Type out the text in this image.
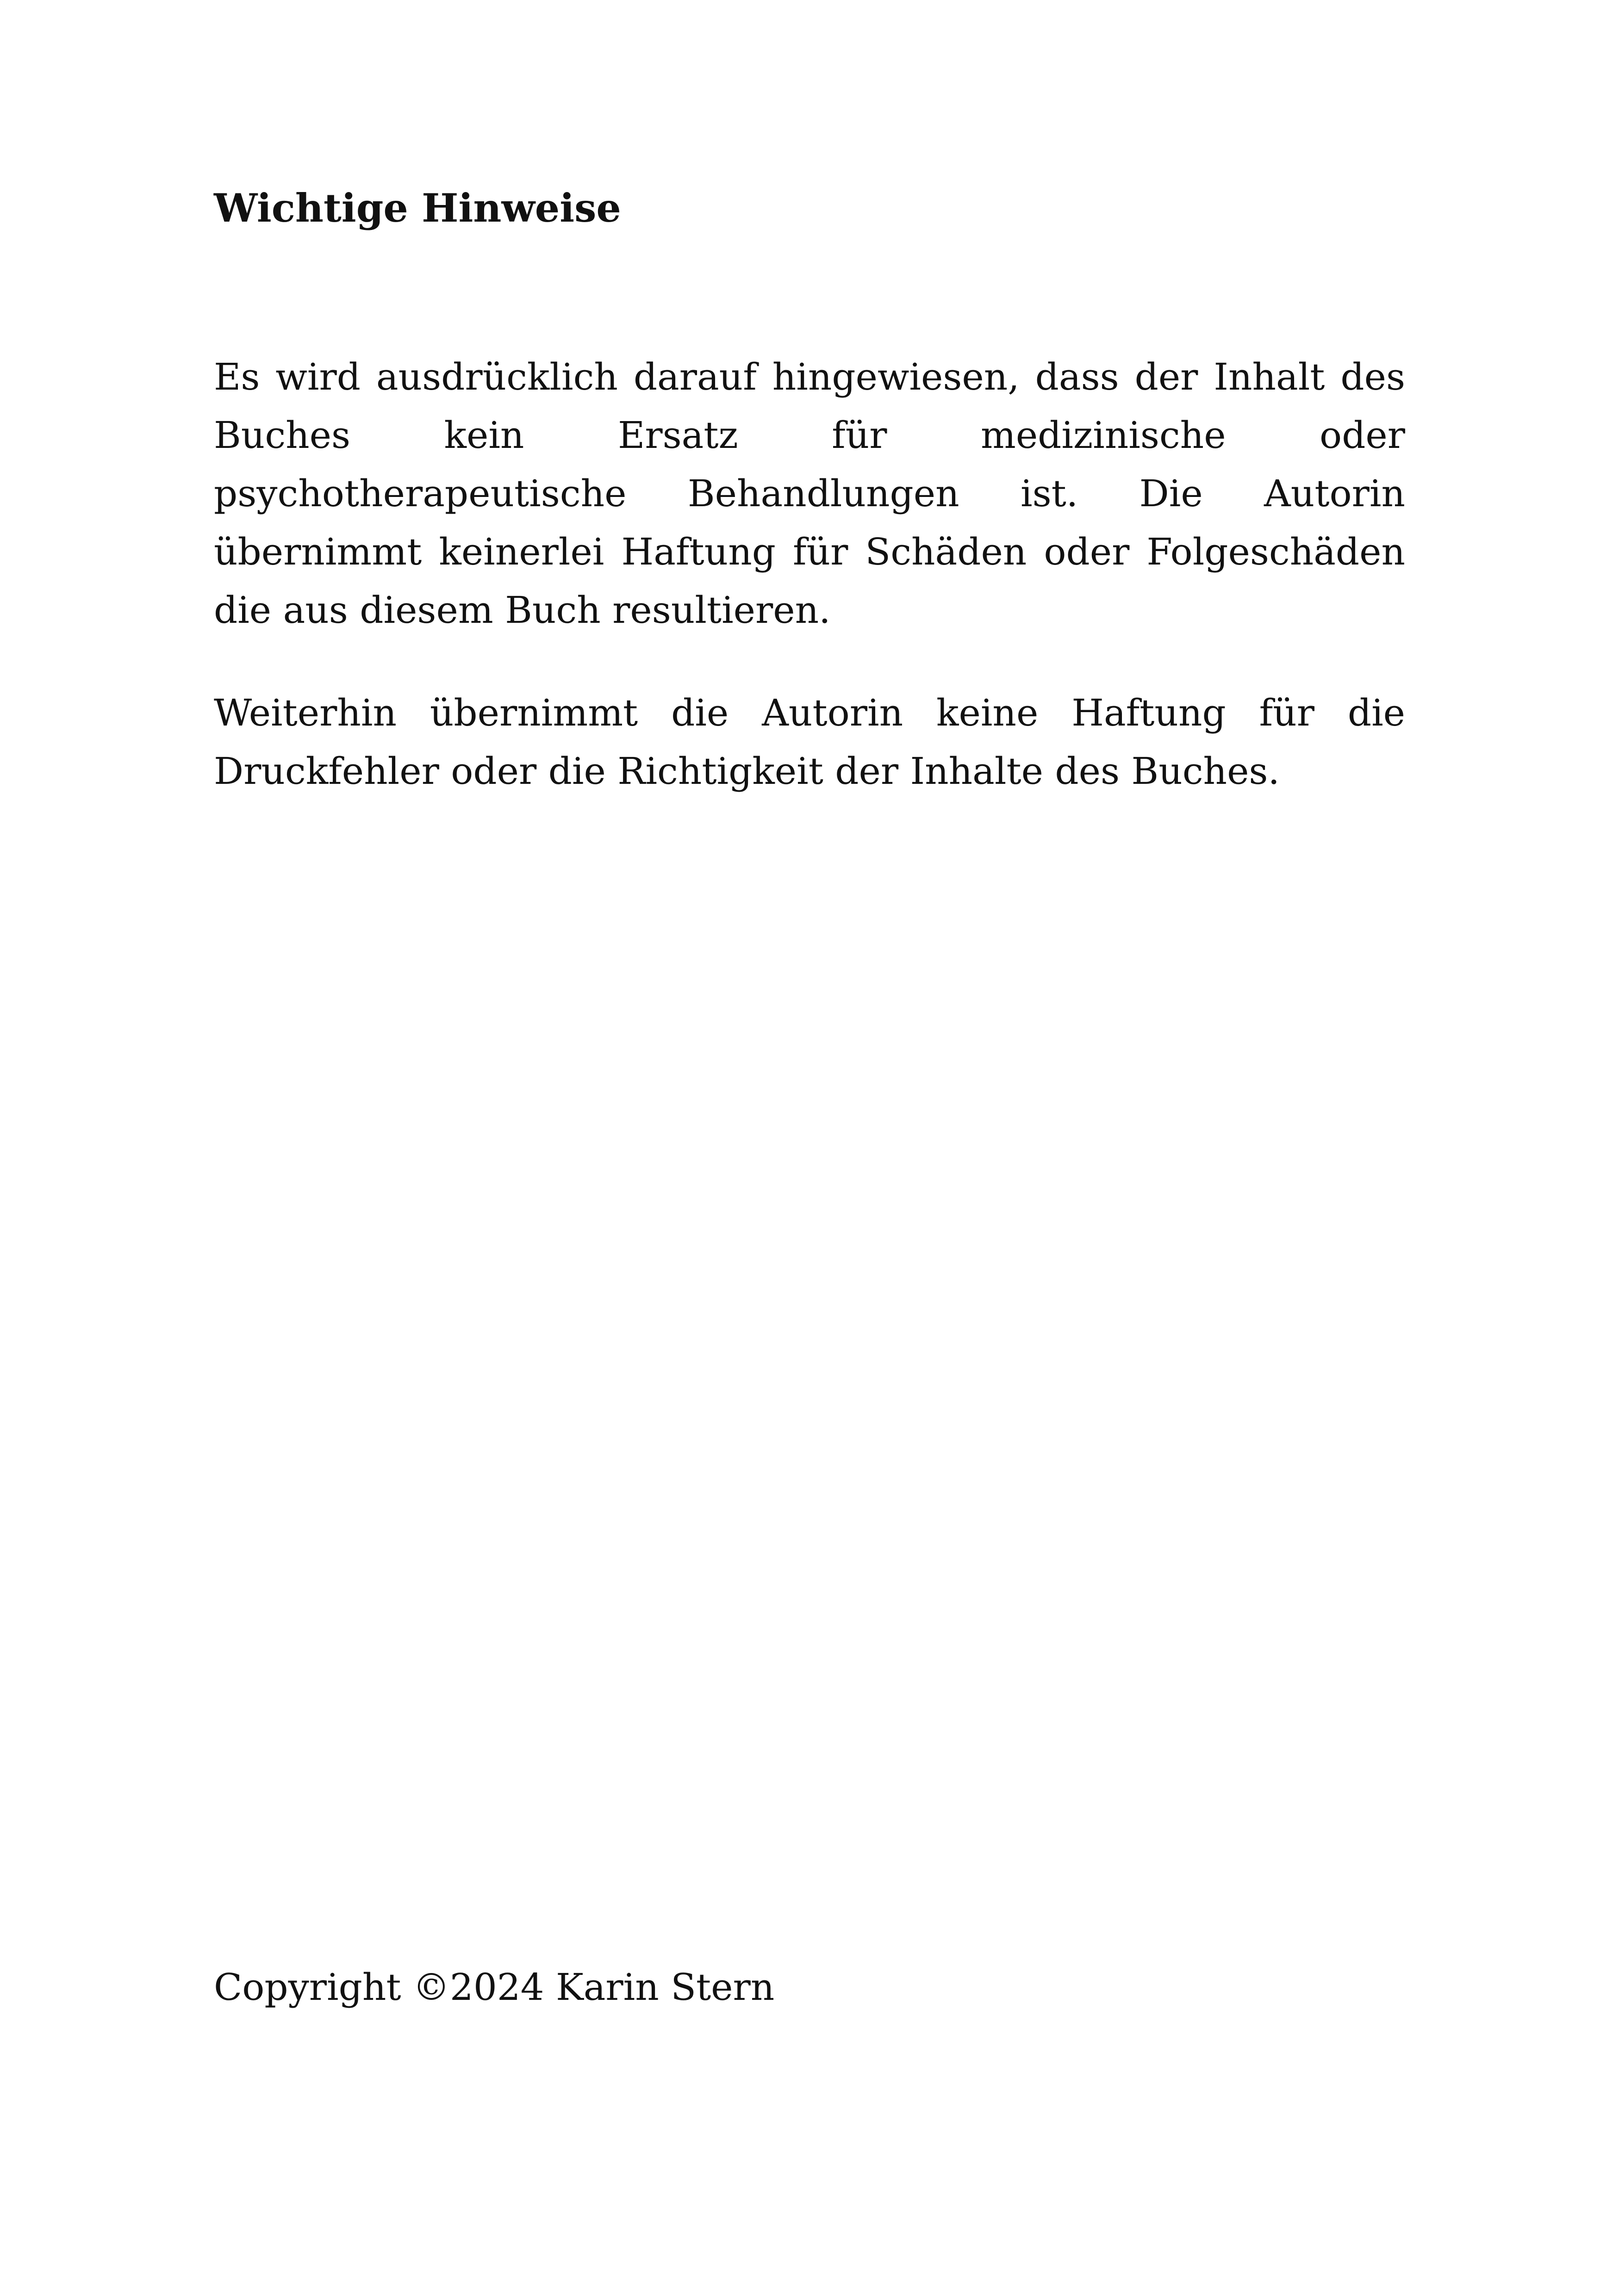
Wichtige Hinweise

Es wird ausdrücklich darauf hingewiesen, dass der Inhalt des Buches kein Ersatz für medizinische oder psychotherapeutische Behandlungen ist. Die Autorin übernimmt keinerlei Haftung für Schäden oder Folgeschäden die aus diesem Buch resultieren.

Weiterhin übernimmt die Autorin keine Haftung für die Druckfehler oder die Richtigkeit der Inhalte des Buches.

Copyright ©2024 Karin Stern
